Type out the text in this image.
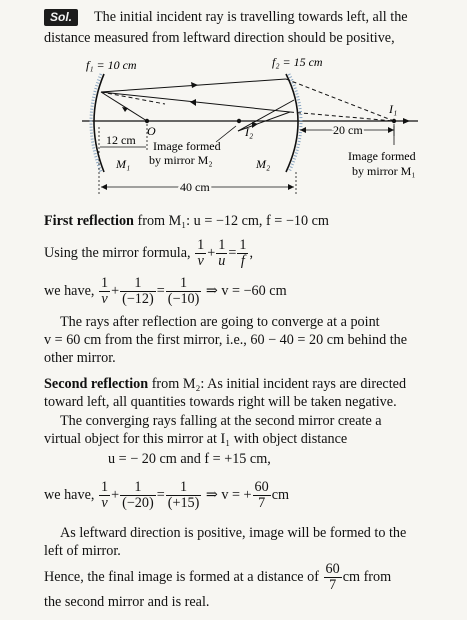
Sol.	The initial incident ray is travelling towards left, all the
distance measured from leftward direction should be positive,
f₁ = 10 cm	f₂ = 15 cm
O	I₂
I₁
12 cm Image formed
by mirror M₂
M₁	M₂
20 cm
Image formed
by mirror M₁
40 cm
First reflection from M₁: u = −12 cm, f = −10 cm
Using the mirror formula, $\frac{1}{v} + \frac{1}{u} = \frac{1}{f}$ ,
we have, $\frac{1}{v} + \frac{1}{(-12)} = \frac{1}{(-10)}$ ⇒ v = −60 cm
The rays after reflection are going to converge at a point
v = 60 cm from the first mirror, i.e., 60 − 40 = 20 cm behind the
other mirror.
Second reflection from M₂: As initial incident rays are directed
toward left, all quantities towards right will be taken negative.
The converging rays falling at the second mirror create a
virtual object for this mirror at I₁ with object distance
u = − 20 cm and f = +15 cm,
we have, $\frac{1}{v} + \frac{1}{(-20)} = \frac{1}{(+15)}$ ⇒ v = + $\frac{60}{7}$ cm
As leftward direction is positive, image will be formed to the
left of mirror.
Hence, the final image is formed at a distance of $\frac{60}{7}$ cm from
the second mirror and is real.
